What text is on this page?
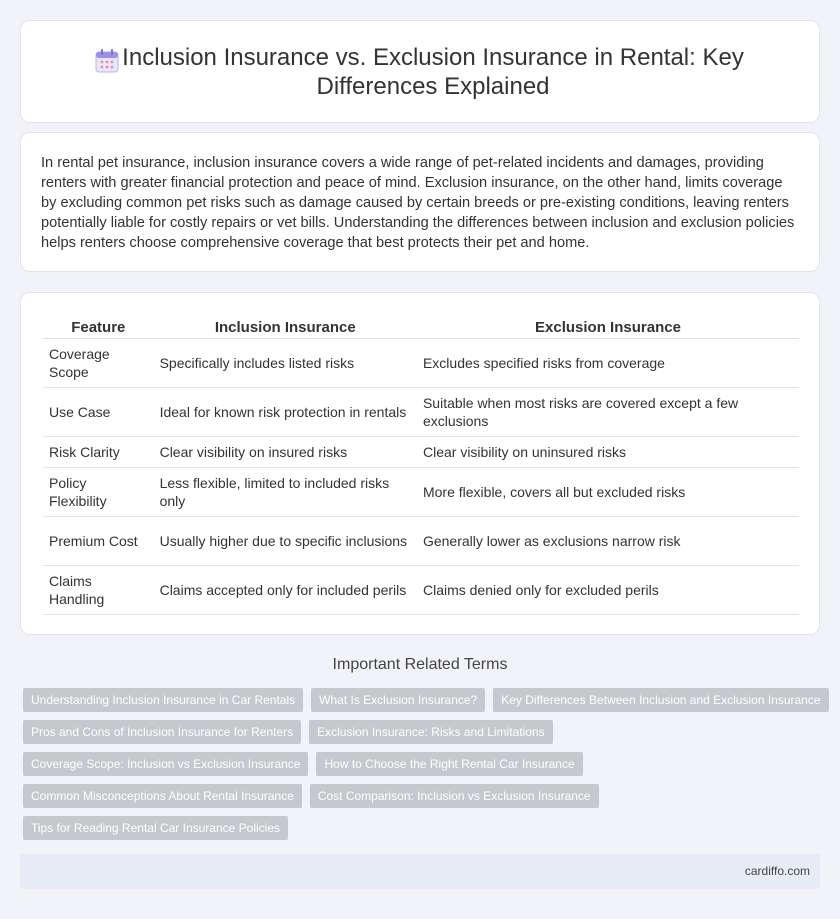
Inclusion Insurance vs. Exclusion Insurance in Rental: Key Differences Explained

In rental pet insurance, inclusion insurance covers a wide range of pet-related incidents and damages, providing renters with greater financial protection and peace of mind. Exclusion insurance, on the other hand, limits coverage by excluding common pet risks such as damage caused by certain breeds or pre-existing conditions, leaving renters potentially liable for costly repairs or vet bills. Understanding the differences between inclusion and exclusion policies helps renters choose comprehensive coverage that best protects their pet and home.

Feature	Inclusion Insurance	Exclusion Insurance
Coverage Scope	Specifically includes listed risks	Excludes specified risks from coverage
Use Case	Ideal for known risk protection in rentals	Suitable when most risks are covered except a few exclusions
Risk Clarity	Clear visibility on insured risks	Clear visibility on uninsured risks
Policy Flexibility	Less flexible, limited to included risks only	More flexible, covers all but excluded risks
Premium Cost	Usually higher due to specific inclusions	Generally lower as exclusions narrow risk
Claims Handling	Claims accepted only for included perils	Claims denied only for excluded perils
Important Related Terms
Understanding Inclusion Insurance in Car Rentals	What Is Exclusion Insurance?	Key Differences Between Inclusion and Exclusion Insurance
Pros and Cons of Inclusion Insurance for Renters	Exclusion Insurance: Risks and Limitations
Coverage Scope: Inclusion vs Exclusion Insurance	How to Choose the Right Rental Car Insurance
Common Misconceptions About Rental Insurance	Cost Comparison: Inclusion vs Exclusion Insurance
Tips for Reading Rental Car Insurance Policies
cardiffo.com
